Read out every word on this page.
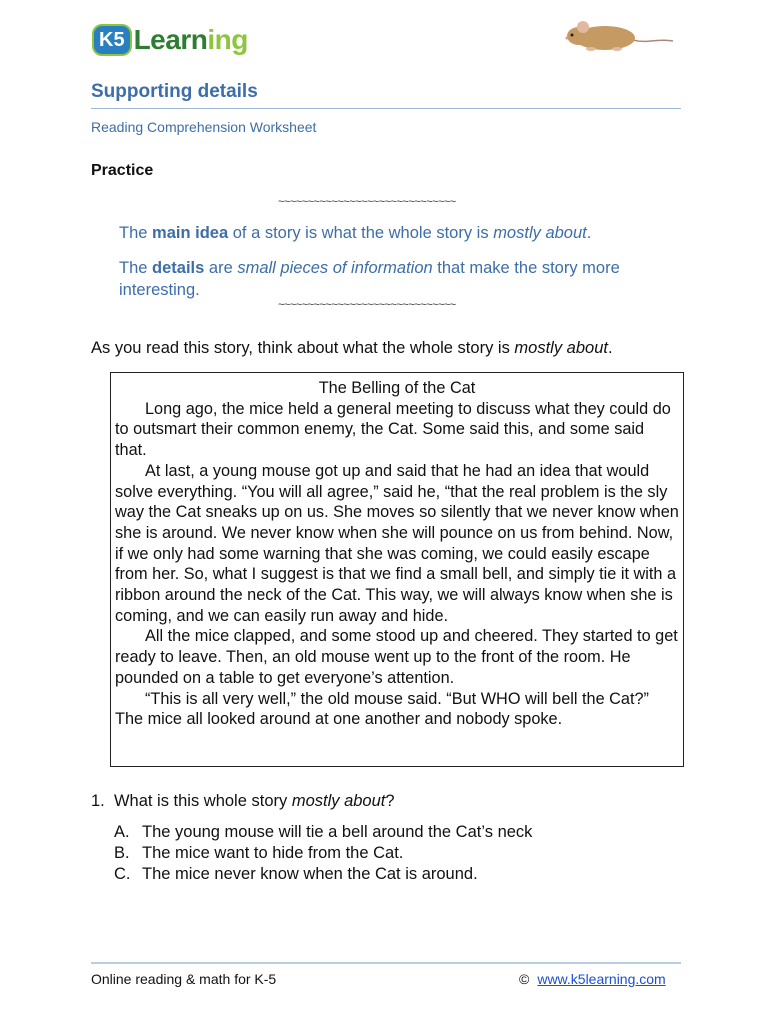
K5 Learning
Supporting details
Reading Comprehension Worksheet
Practice
~~~~~~~~~~~~~~~~~~~~~~~~~~~~~~
The main idea of a story is what the whole story is mostly about.
The details are small pieces of information that make the story more interesting.
~~~~~~~~~~~~~~~~~~~~~~~~~~~~~~
As you read this story, think about what the whole story is mostly about.
The Belling of the Cat

Long ago, the mice held a general meeting to discuss what they could do to outsmart their common enemy, the Cat. Some said this, and some said that.

At last, a young mouse got up and said that he had an idea that would solve everything. “You will all agree,” said he, “that the real problem is the sly way the Cat sneaks up on us. She moves so silently that we never know when she is around. We never know when she will pounce on us from behind. Now, if we only had some warning that she was coming, we could easily escape from her. So, what I suggest is that we find a small bell, and simply tie it with a ribbon around the neck of the Cat. This way, we will always know when she is coming, and we can easily run away and hide.

All the mice clapped, and some stood up and cheered. They started to get ready to leave. Then, an old mouse went up to the front of the room. He pounded on a table to get everyone’s attention.

“This is all very well,” the old mouse said. “But WHO will bell the Cat?” The mice all looked around at one another and nobody spoke.

1. What is this whole story mostly about?
A. The young mouse will tie a bell around the Cat’s neck
B. The mice want to hide from the Cat.
C. The mice never know when the Cat is around.
Online reading & math for K-5	© www.k5learning.com
